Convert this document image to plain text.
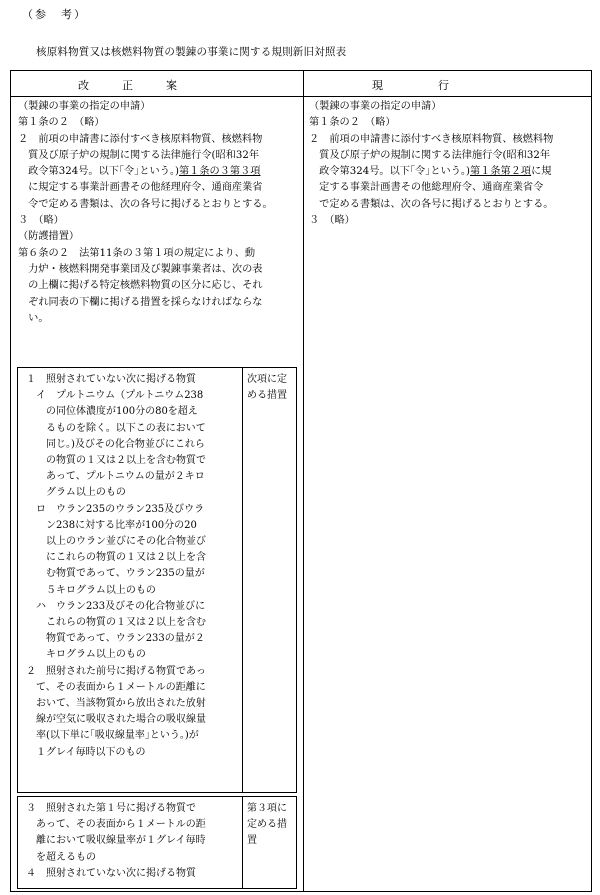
（参　考）
核原料物質又は核燃料物質の製錬の事業に関する規則新旧対照表
改　　　正　　　案	現　　　　　行

（製錬の事業の指定の申請）

第１条の２　（略）

２　前項の申請書に添付すべき核原料物質、核燃料物

　質及び原子炉の規制に関する法律施行令(昭和32年

　政令第324号。以下｢令｣という。)第１条の３第３項

　に規定する事業計画書その他経理府令、通商産業省

　令で定める書類は、次の各号に掲げるとおりとする。

３　（略）

（防護措置）

第６条の２　法第11条の３第１項の規定により、動

　力炉・核燃料開発事業団及び製錬事業者は、次の表

　の上欄に掲げる特定核燃料物質の区分に応じ、それ

　ぞれ同表の下欄に掲げる措置を採らなければならな

　い。

１　照射されていない次に掲げる物質

　イ　プルトニウム（プルトニウム238

　　の同位体濃度が100分の80を超え

　　るものを除く。以下この表において

　　同じ。)及びその化合物並びにこれら

　　の物質の１又は２以上を含む物質で

　　あって、プルトニウムの量が２キロ

　　グラム以上のもの

　ロ　ウラン235のウラン235及びウラ

　　ン238に対する比率が100分の20

　　以上のウラン並びにその化合物並び

　　にこれらの物質の１又は２以上を含

　　む物質であって、ウラン235の量が

　　５キログラム以上のもの

　ハ　ウラン233及びその化合物並びに

　　これらの物質の１又は２以上を含む

　　物質であって、ウラン233の量が２

　　キログラム以上のもの

２　照射された前号に掲げる物質であっ

　て、その表面から１メートルの距離に

　おいて、当該物質から放出された放射

　線が空気に吸収された場合の吸収線量

　率(以下単に｢吸収線量率｣という。)が

　１グレイ毎時以下のもの

次項に定

める措置

３　照射された第１号に掲げる物質で

　あって、その表面から１メートルの距

　離において吸収線量率が１グレイ毎時

　を超えるもの

４　照射されていない次に掲げる物質

第３項に

定める措

置

（製錬の事業の指定の申請）

第１条の２　（略）

２　前項の申請書に添付すべき核原料物質、核燃料物

　質及び原子炉の規制に関する法律施行令(昭和32年

　政令第324号。以下｢令｣という。)第１条第２項に規

　定する事業計画書その他総理府令、通商産業省令

　で定める書類は、次の各号に掲げるとおりとする。

３　（略）
